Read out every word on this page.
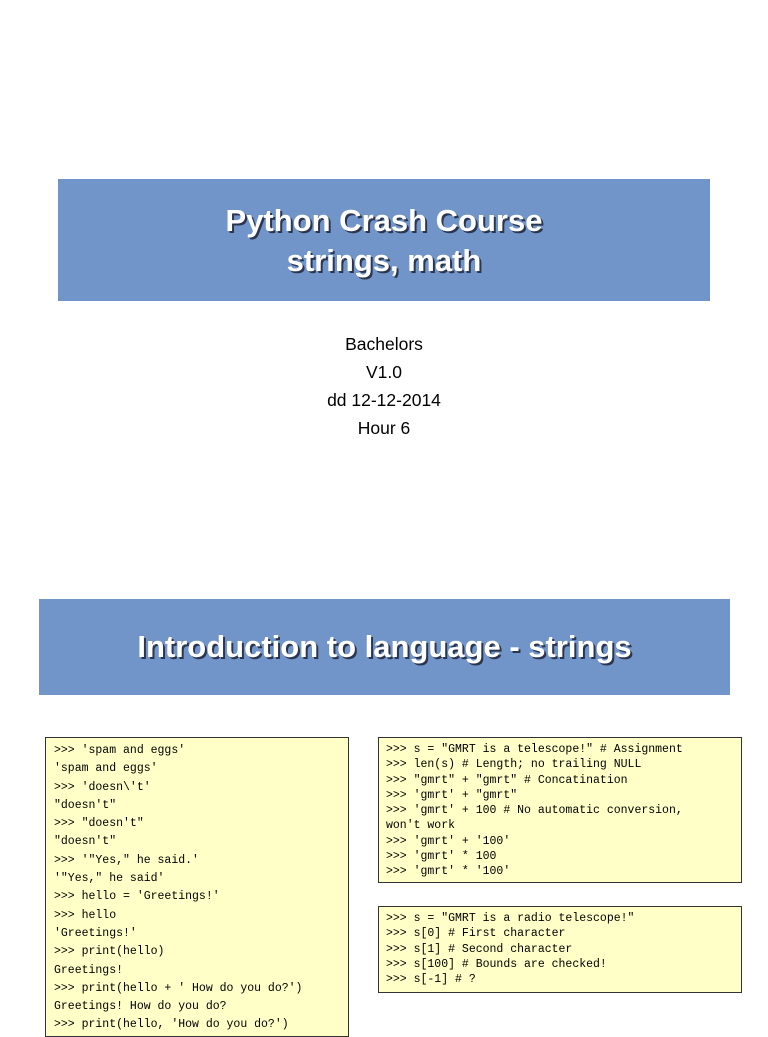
Python Crash Course
strings, math
Bachelors
V1.0
dd 12-12-2014
Hour 6
Introduction to language - strings
>>> 'spam and eggs'
'spam and eggs'
>>> 'doesn\'t'
"doesn't"
>>> "doesn't"
"doesn't"
>>> '"Yes," he said.'
'"Yes," he said'
>>> hello = 'Greetings!'
>>> hello
'Greetings!'
>>> print(hello)
Greetings!
>>> print(hello + ' How do you do?')
Greetings! How do you do?
>>> print(hello, 'How do you do?')
>>> s = "GMRT is a telescope!" # Assignment
>>> len(s) # Length; no trailing NULL
>>> "gmrt" + "gmrt" # Concatination
>>> 'gmrt' + "gmrt"
>>> 'gmrt' + 100 # No automatic conversion,
won't work
>>> 'gmrt' + '100'
>>> 'gmrt' * 100
>>> 'gmrt' * '100'
>>> s = "GMRT is a radio telescope!"
>>> s[0] # First character
>>> s[1] # Second character
>>> s[100] # Bounds are checked!
>>> s[-1] # ?
